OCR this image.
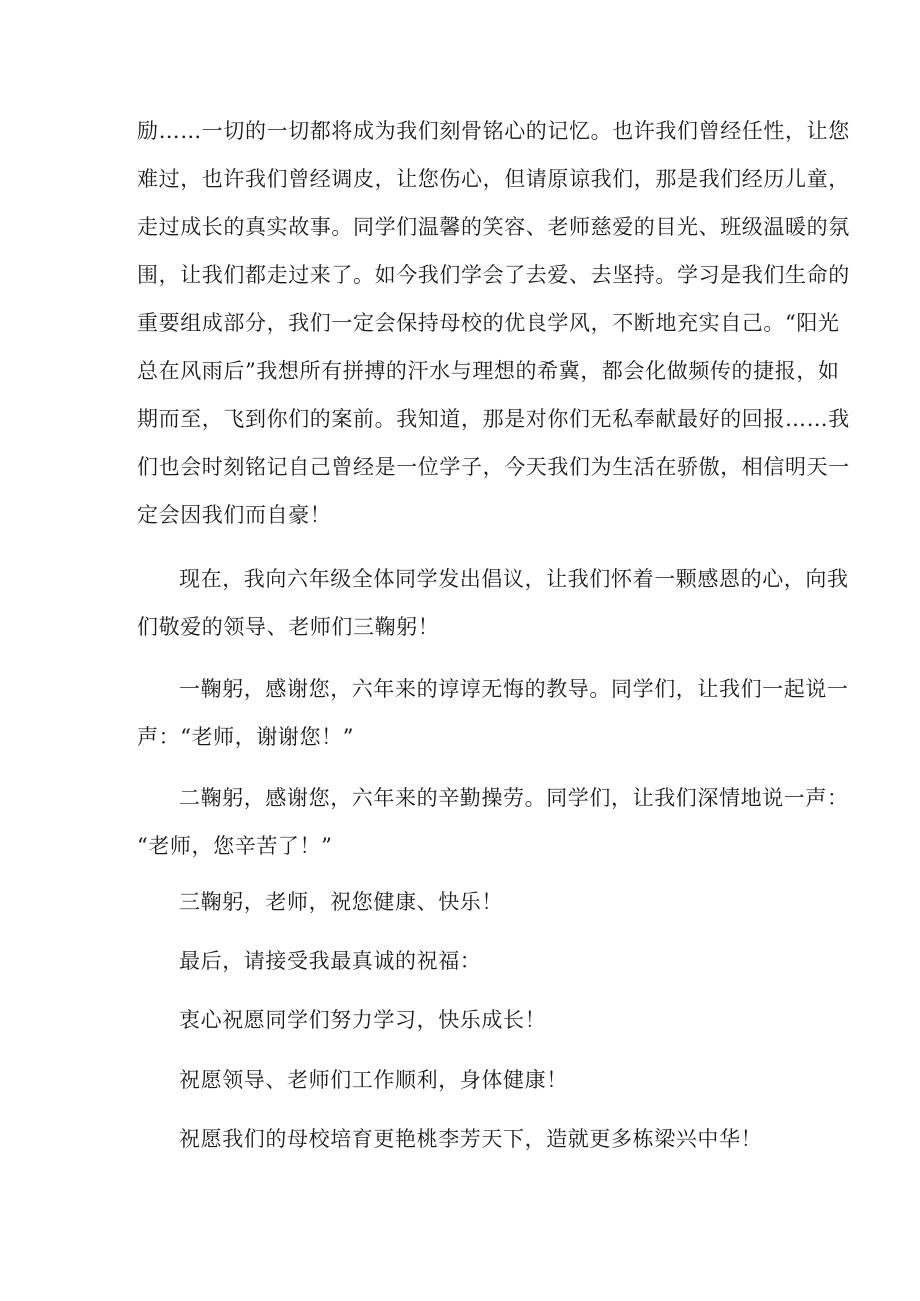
励……一切的一切都将成为我们刻骨铭心的记忆。也许我们曾经任性，让您
难过，也许我们曾经调皮，让您伤心，但请原谅我们，那是我们经历儿童，
走过成长的真实故事。同学们温馨的笑容、老师慈爱的目光、班级温暖的氛
围，让我们都走过来了。如今我们学会了去爱、去坚持。学习是我们生命的
重要组成部分，我们一定会保持母校的优良学风，不断地充实自己。“阳光
总在风雨后”我想所有拼搏的汗水与理想的希冀，都会化做频传的捷报，如
期而至，飞到你们的案前。我知道，那是对你们无私奉献最好的回报……我
们也会时刻铭记自己曾经是一位学子，今天我们为生活在骄傲，相信明天一
定会因我们而自豪！
现在，我向六年级全体同学发出倡议，让我们怀着一颗感恩的心，向我
们敬爱的领导、老师们三鞠躬！
一鞠躬，感谢您，六年来的谆谆无悔的教导。同学们，让我们一起说一
声：“老师，谢谢您！”
二鞠躬，感谢您，六年来的辛勤操劳。同学们，让我们深情地说一声：
“老师，您辛苦了！”
三鞠躬，老师，祝您健康、快乐！
最后，请接受我最真诚的祝福：
衷心祝愿同学们努力学习，快乐成长！
祝愿领导、老师们工作顺利，身体健康！
祝愿我们的母校培育更艳桃李芳天下，造就更多栋梁兴中华！
